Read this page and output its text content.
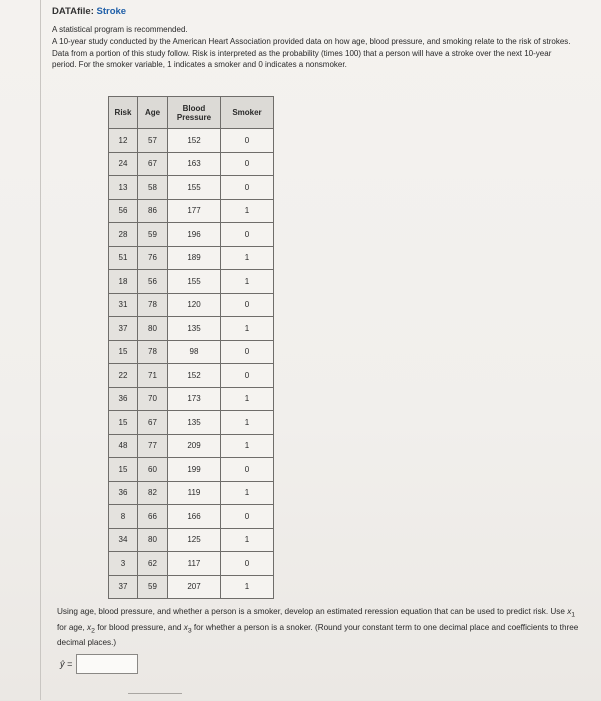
DATAfile: Stroke
A statistical program is recommended.
A 10-year study conducted by the American Heart Association provided data on how age, blood pressure, and smoking relate to the risk of strokes. Data from a portion of this study follow. Risk is interpreted as the probability (times 100) that a person will have a stroke over the next 10-year period. For the smoker variable, 1 indicates a smoker and 0 indicates a nonsmoker.
Risk	Age	Blood Pressure	Smoker
12	57	152	0
24	67	163	0
13	58	155	0
56	86	177	1
28	59	196	0
51	76	189	1
18	56	155	1
31	78	120	0
37	80	135	1
15	78	98	0
22	71	152	0
36	70	173	1
15	67	135	1
48	77	209	1
15	60	199	0
36	82	119	1
8	66	166	0
34	80	125	1
3	62	117	0
37	59	207	1
Using age, blood pressure, and whether a person is a smoker, develop an estimated reression equation that can be used to predict risk. Use $x_1$ for age, $x_2$ for blood pressure, and $x_3$ for whether a person is a snoker. (Round your constant term to one decimal place and coefficients to three decimal places.)
ŷ =
